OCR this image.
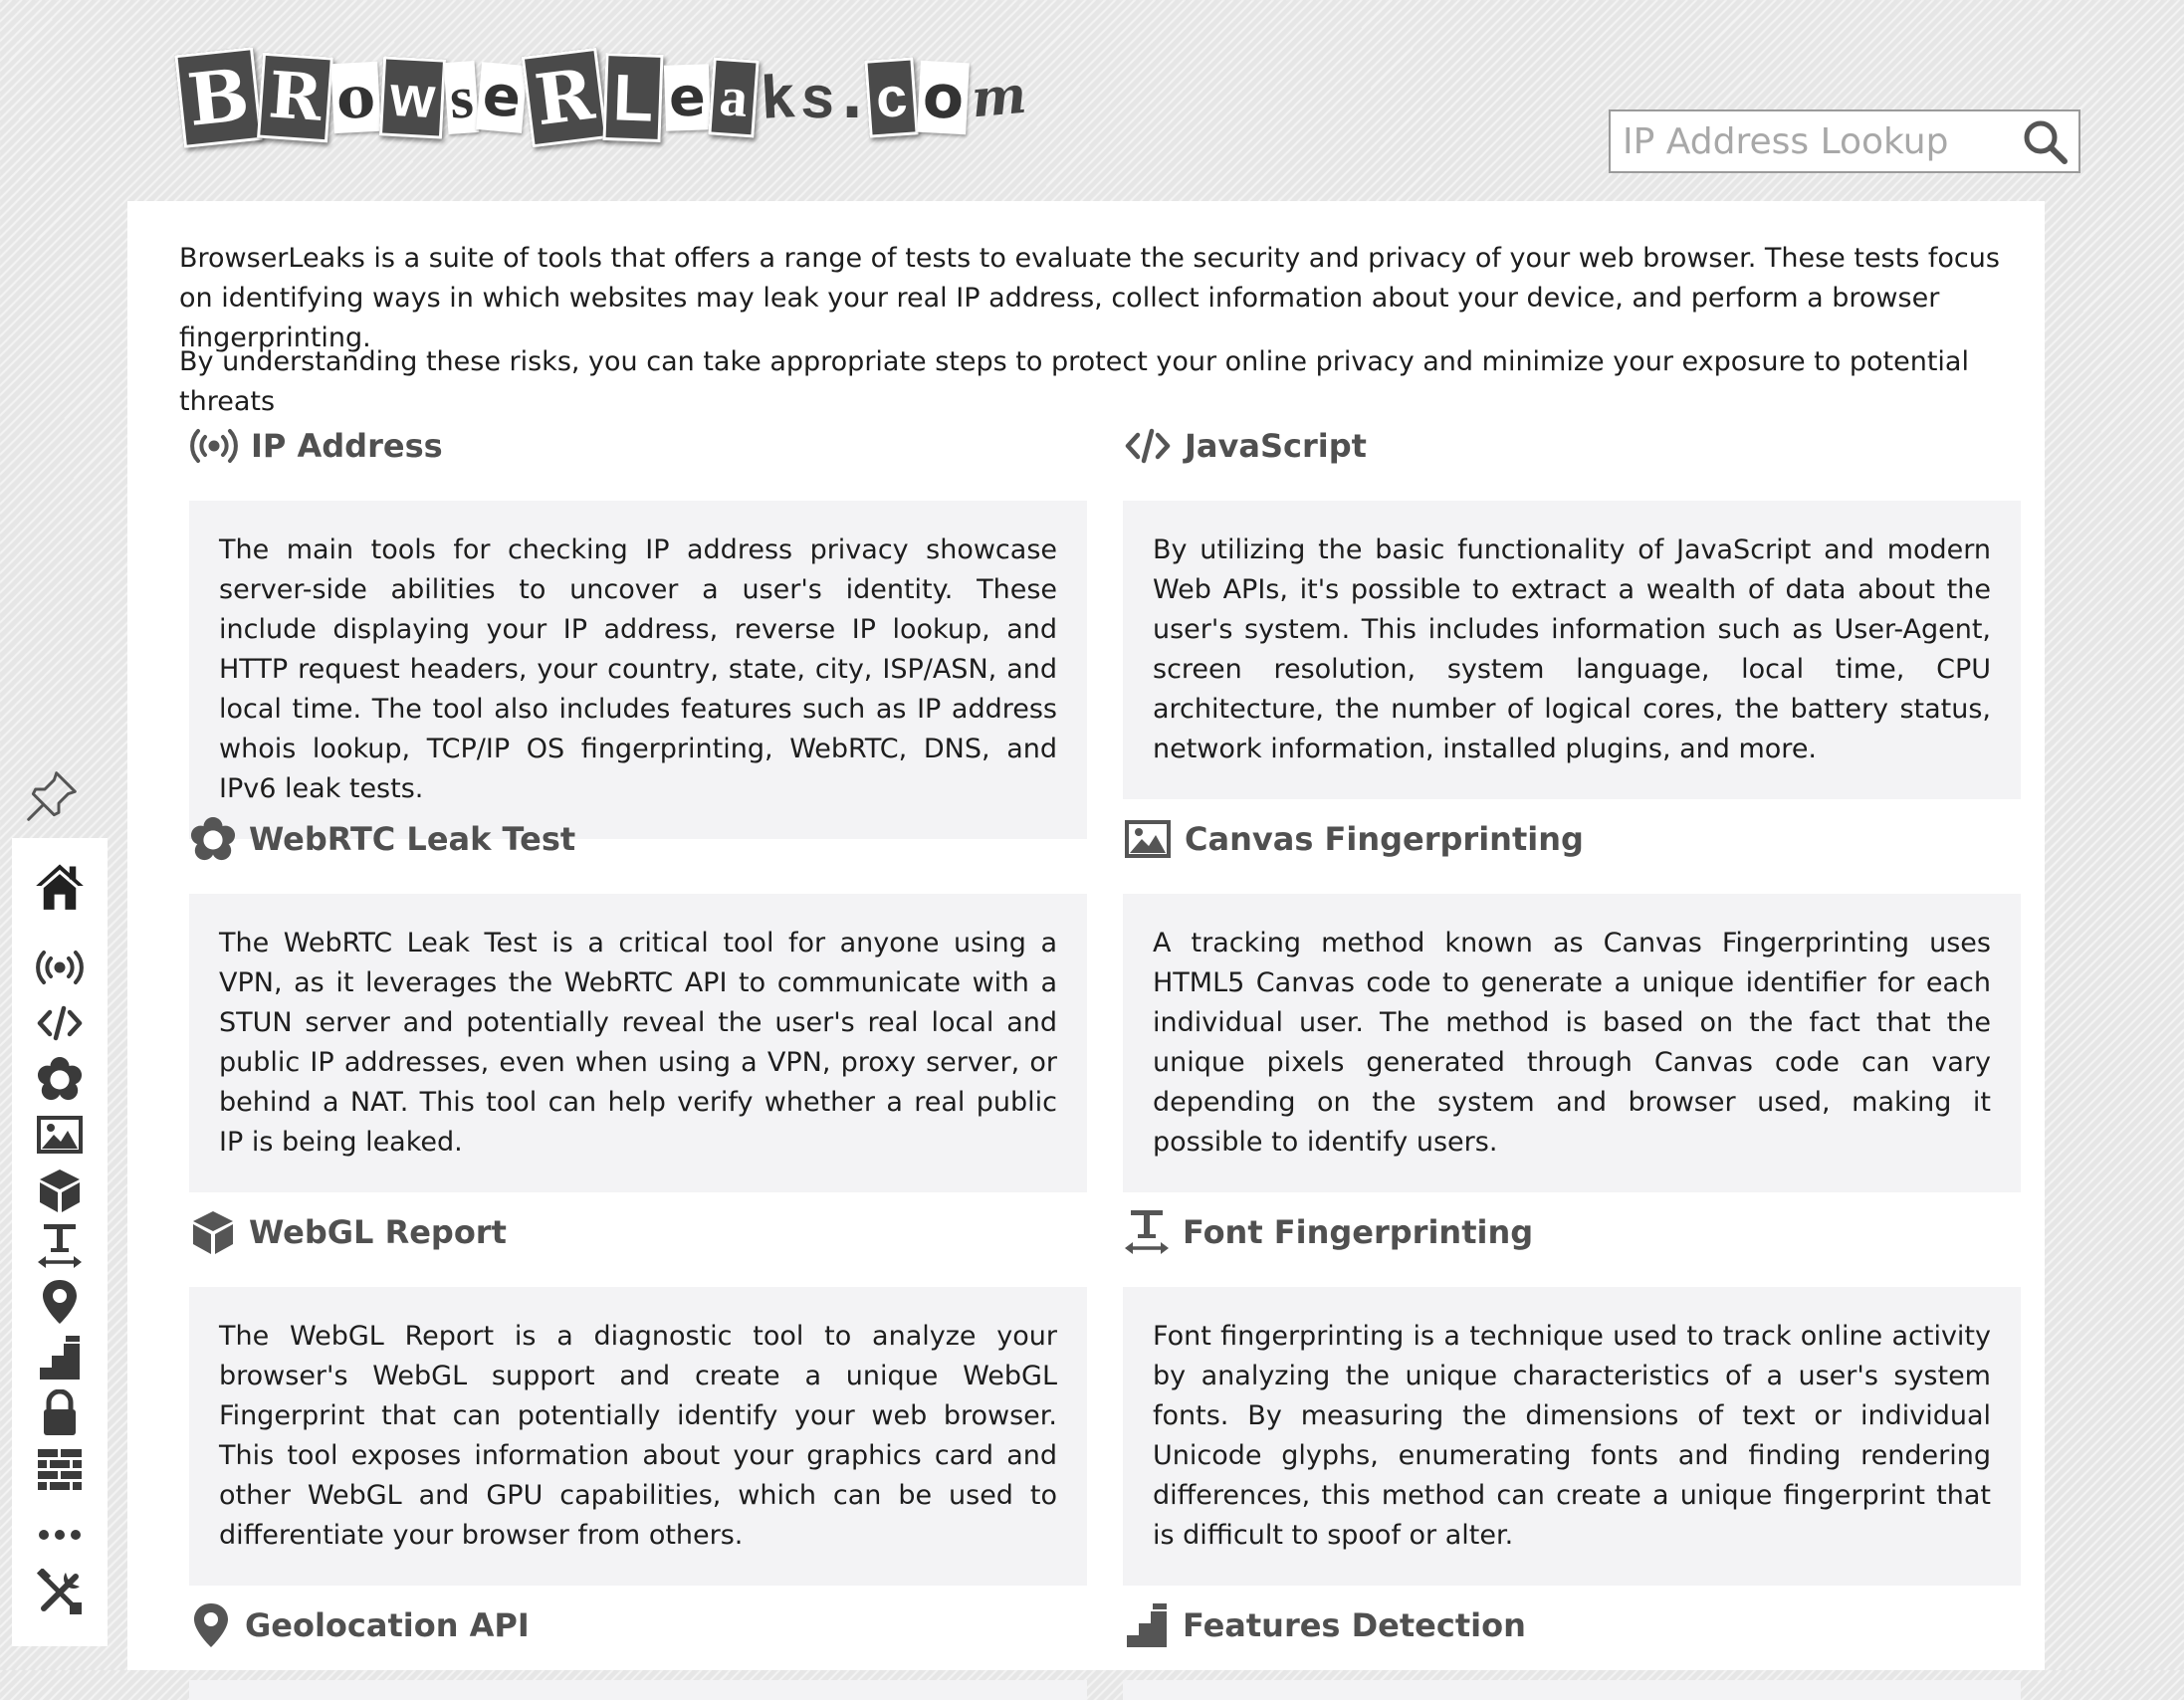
B R o w s e R L e a k s . c o m
IP Address Lookup

BrowserLeaks is a suite of tools that offers a range of tests to evaluate the security and privacy of your web browser. These tests focus on identifying ways in which websites may leak your real IP address, collect information about your device, and perform a browser fingerprinting.

By understanding these risks, you can take appropriate steps to protect your online privacy and minimize your exposure to potential threats

IP Address

The main tools for checking IP address privacy showcase server-side abilities to uncover a user's identity. These include displaying your IP address, reverse IP lookup, and HTTP request headers, your country, state, city, ISP/ASN, and local time. The tool also includes features such as IP address whois lookup, TCP/IP OS fingerprinting, WebRTC, DNS, and IPv6 leak tests.

JavaScript

By utilizing the basic functionality of JavaScript and modern Web APIs, it's possible to extract a wealth of data about the user's system. This includes information such as User-Agent, screen resolution, system language, local time, CPU architecture, the number of logical cores, the battery status, network information, installed plugins, and more.

WebRTC Leak Test

The WebRTC Leak Test is a critical tool for anyone using a VPN, as it leverages the WebRTC API to communicate with a STUN server and potentially reveal the user's real local and public IP addresses, even when using a VPN, proxy server, or behind a NAT. This tool can help verify whether a real public IP is being leaked.

Canvas Fingerprinting

A tracking method known as Canvas Fingerprinting uses HTML5 Canvas code to generate a unique identifier for each individual user. The method is based on the fact that the unique pixels generated through Canvas code can vary depending on the system and browser used, making it possible to identify users.

WebGL Report

The WebGL Report is a diagnostic tool to analyze your browser's WebGL support and create a unique WebGL Fingerprint that can potentially identify your web browser. This tool exposes information about your graphics card and other WebGL and GPU capabilities, which can be used to differentiate your browser from others.

Font Fingerprinting

Font fingerprinting is a technique used to track online activity by analyzing the unique characteristics of a user's system fonts. By measuring the dimensions of text or individual Unicode glyphs, enumerating fonts and finding rendering differences, this method can create a unique fingerprint that is difficult to spoof or alter.

Geolocation API	Features Detection
